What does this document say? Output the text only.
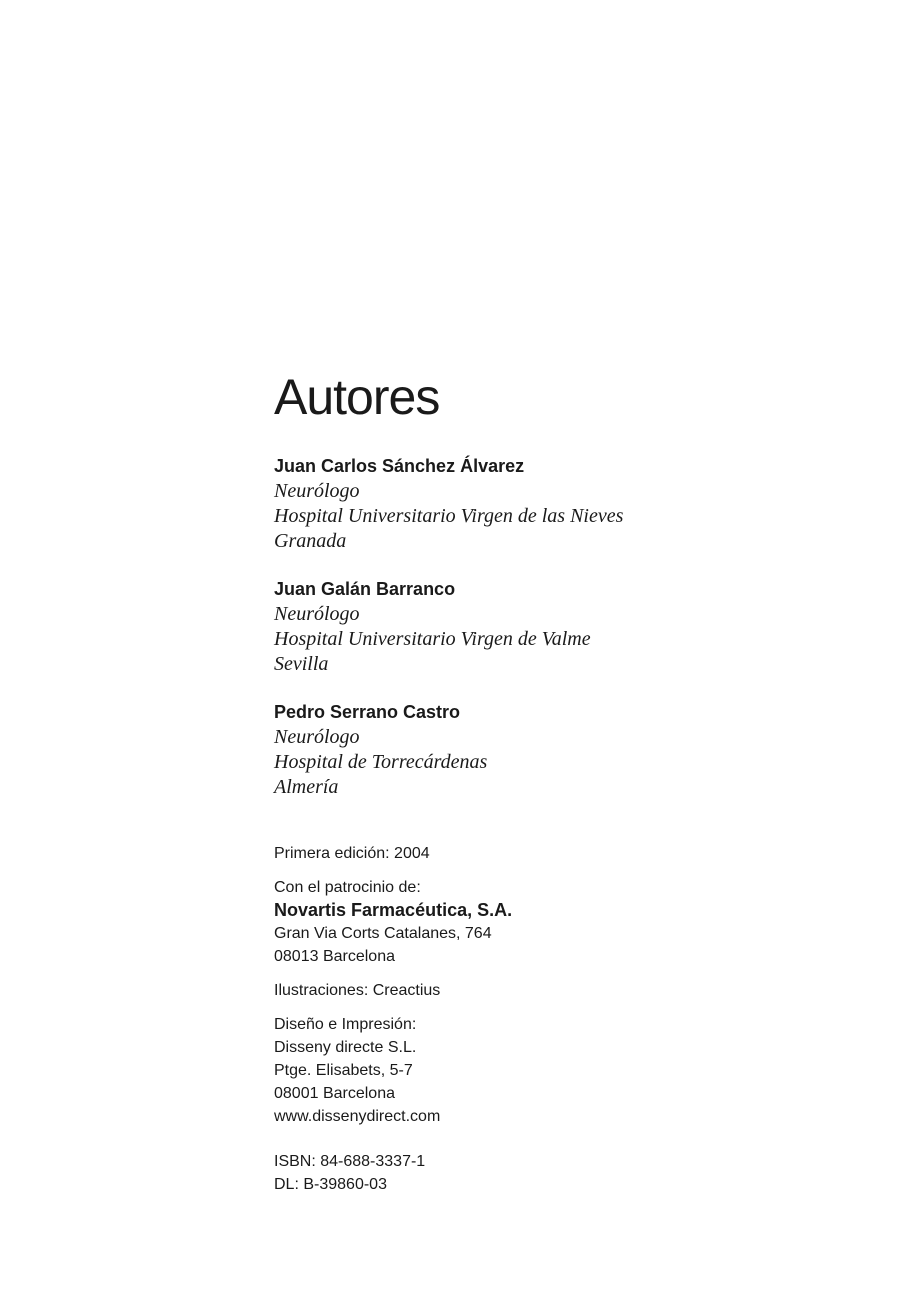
Autores
Juan Carlos Sánchez Álvarez
Neurólogo
Hospital Universitario Virgen de las Nieves
Granada
Juan Galán Barranco
Neurólogo
Hospital Universitario Virgen de Valme
Sevilla
Pedro Serrano Castro
Neurólogo
Hospital de Torrecárdenas
Almería
Primera edición: 2004
Con el patrocinio de:
Novartis Farmacéutica, S.A.
Gran Via Corts Catalanes, 764
08013 Barcelona
Ilustraciones: Creactius
Diseño e Impresión:
Disseny directe S.L.
Ptge. Elisabets, 5-7
08001 Barcelona
www.dissenydirect.com
ISBN: 84-688-3337-1
DL: B-39860-03
